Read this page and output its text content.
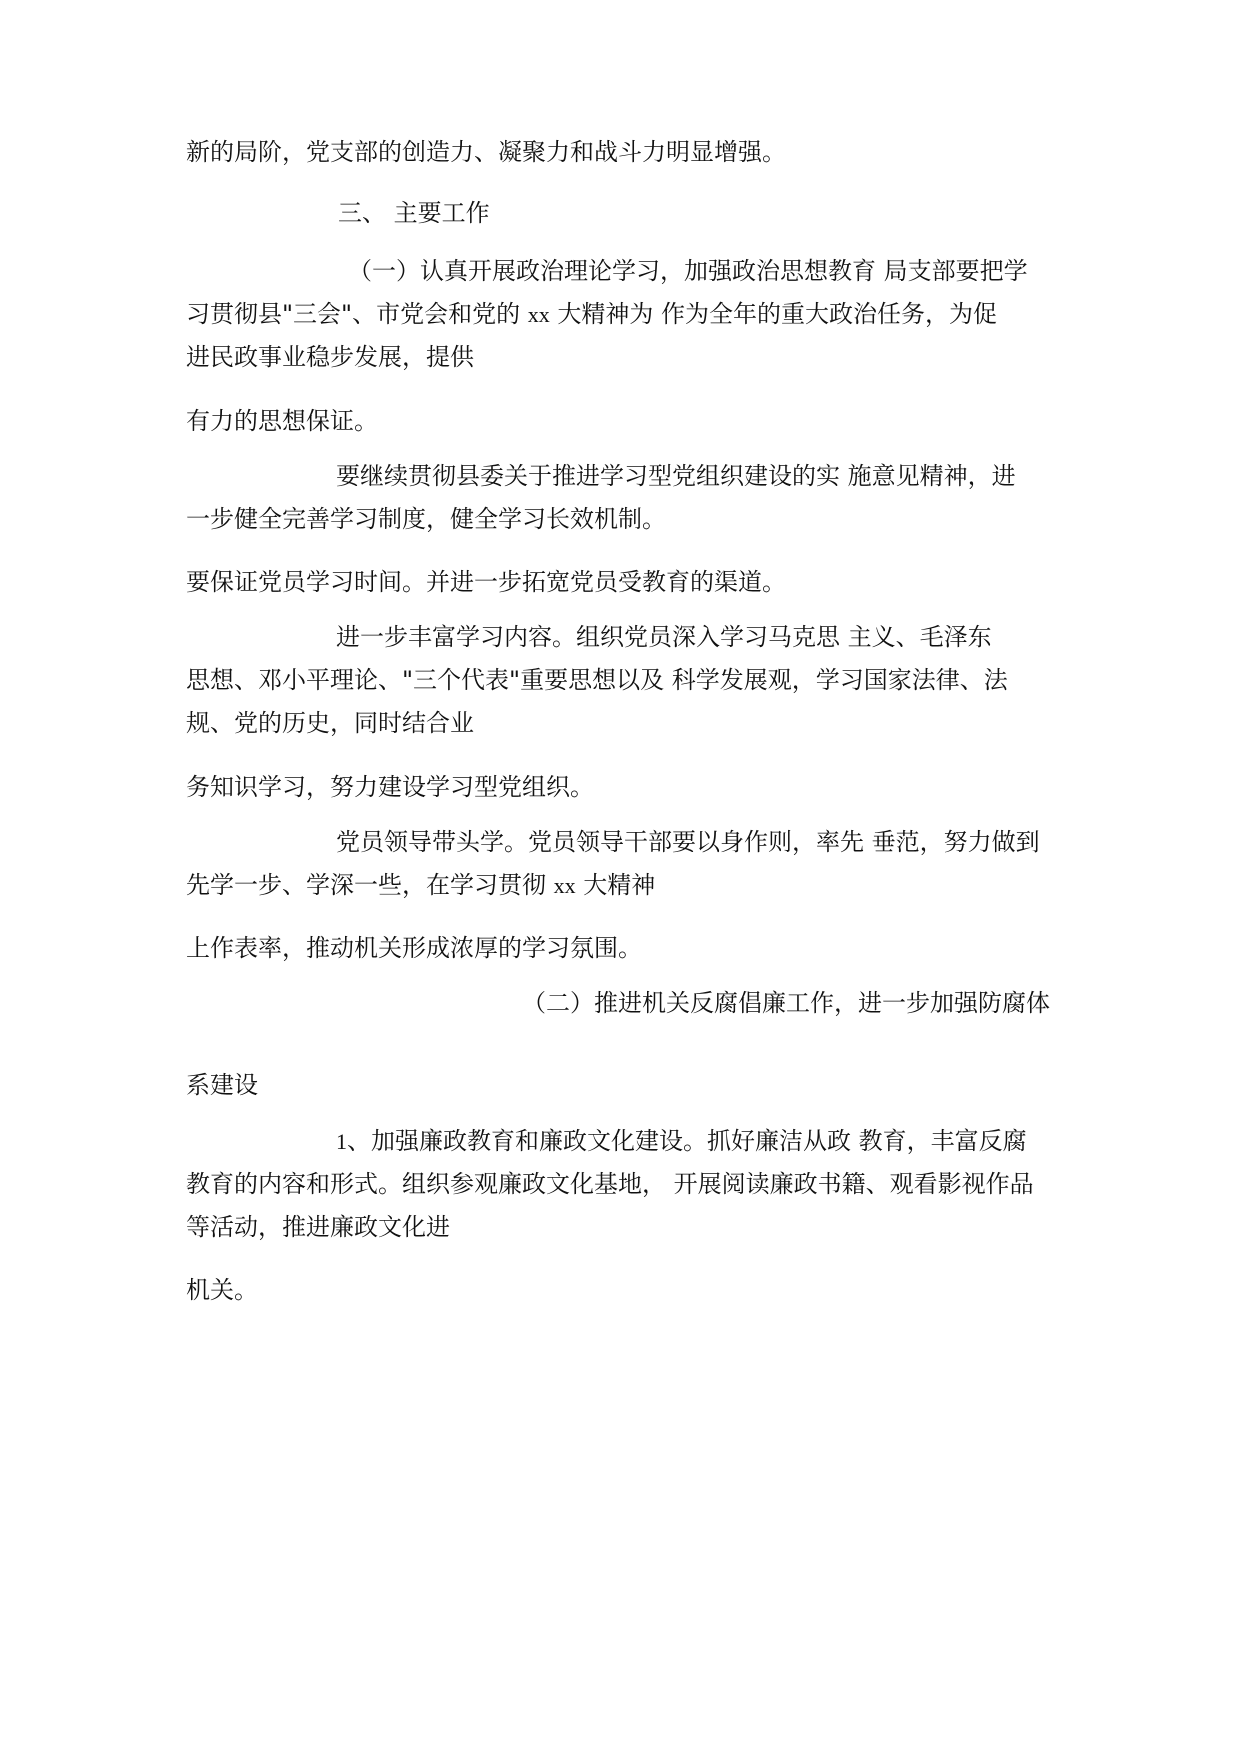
新的局阶，党支部的创造力、凝聚力和战斗力明显增强。
三、 主要工作
（一）认真开展政治理论学习，加强政治思想教育 局支部要把学
习贯彻县"三会"、市党会和党的 xx 大精神为 作为全年的重大政治任务，为促
进民政事业稳步发展，提供
有力的思想保证。
要继续贯彻县委关于推进学习型党组织建设的实 施意见精神，进
一步健全完善学习制度，健全学习长效机制。
要保证党员学习时间。并进一步拓宽党员受教育的渠道。
进一步丰富学习内容。组织党员深入学习马克思 主义、毛泽东
思想、邓小平理论、"三个代表"重要思想以及 科学发展观，学习国家法律、法
规、党的历史，同时结合业
务知识学习，努力建设学习型党组织。
党员领导带头学。党员领导干部要以身作则，率先 垂范，努力做到
先学一步、学深一些，在学习贯彻 xx 大精神
上作表率，推动机关形成浓厚的学习氛围。
（二）推进机关反腐倡廉工作，进一步加强防腐体
系建设
1、加强廉政教育和廉政文化建设。抓好廉洁从政 教育，丰富反腐
教育的内容和形式。组织参观廉政文化基地， 开展阅读廉政书籍、观看影视作品
等活动，推进廉政文化进
机关。
